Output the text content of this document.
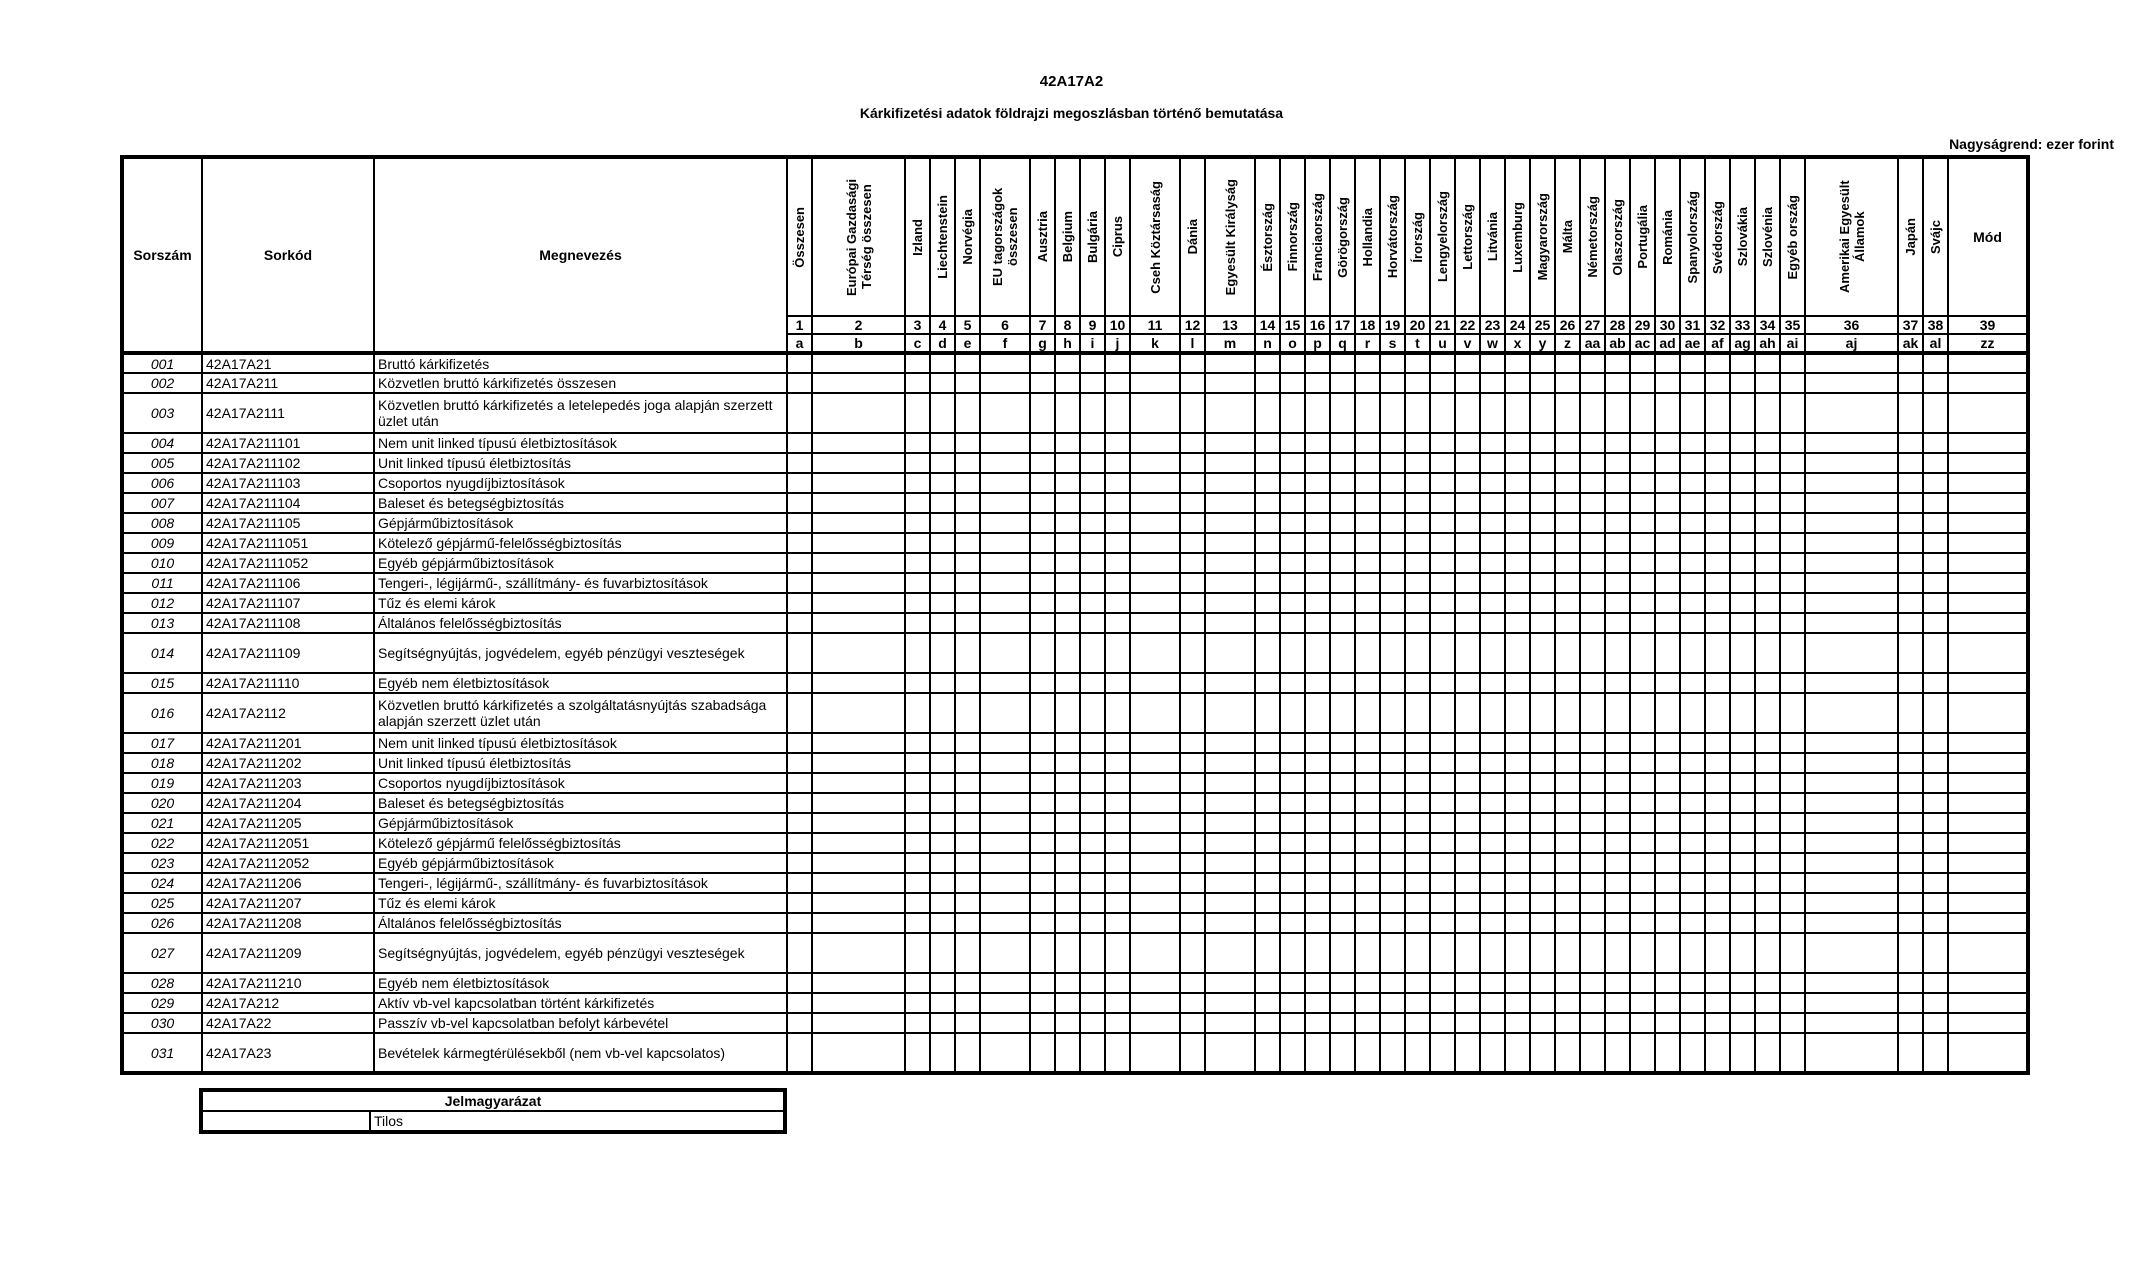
42A17A2
Kárkifizetési adatok földrajzi megoszlásban történő bemutatása
Nagyságrend: ezer forint
Sorszám	Sorkód	Megnevezés	Összesen	Európai Gazdasági Térség összesen	Izland	Liechtenstein	Norvégia	EU tagországok összesen	Ausztria	Belgium	Bulgária	Ciprus	Cseh Köztársaság	Dánia	Egyesült Királyság	Észtország	Finnország	Franciaország	Görögország	Hollandia	Horvátország	Írország	Lengyelország	Lettország	Litvánia	Luxemburg	Magyarország	Málta	Németország	Olaszország	Portugália	Románia	Spanyolország	Svédország	Szlovákia	Szlovénia	Egyéb ország	Amerikai Egyesült Államok	Japán	Svájc	Mód
			1	2	3	4	5	6	7	8	9	10	11	12	13	14	15	16	17	18	19	20	21	22	23	24	25	26	27	28	29	30	31	32	33	34	35	36	37	38	39
			a	b	c	d	e	f	g	h	i	j	k	l	m	n	o	p	q	r	s	t	u	v	w	x	y	z	aa	ab	ac	ad	ae	af	ag	ah	ai	aj	ak	al	zz
001	42A17A21	Bruttó kárkifizetés																																							
002	42A17A211	Közvetlen bruttó kárkifizetés összesen																																							
003	42A17A2111	Közvetlen bruttó kárkifizetés a letelepedés joga alapján szerzett üzlet után																																							
004	42A17A211101	Nem unit linked típusú életbiztosítások																																							
005	42A17A211102	Unit linked típusú életbiztosítás																																							
006	42A17A211103	Csoportos nyugdíjbiztosítások																																							
007	42A17A211104	Baleset és betegségbiztosítás																																							
008	42A17A211105	Gépjárműbiztosítások																																							
009	42A17A2111051	Kötelező gépjármű-felelősségbiztosítás																																							
010	42A17A2111052	Egyéb gépjárműbiztosítások																																							
011	42A17A211106	Tengeri-, légijármű-, szállítmány- és fuvarbiztosítások																																							
012	42A17A211107	Tűz és elemi károk																																							
013	42A17A211108	Általános felelősségbiztosítás																																							
014	42A17A211109	Segítségnyújtás, jogvédelem, egyéb pénzügyi veszteségek																																							
015	42A17A211110	Egyéb nem életbiztosítások																																							
016	42A17A2112	Közvetlen bruttó kárkifizetés a szolgáltatásnyújtás szabadsága alapján szerzett üzlet után																																							
017	42A17A211201	Nem unit linked típusú életbiztosítások																																							
018	42A17A211202	Unit linked típusú életbiztosítás																																							
019	42A17A211203	Csoportos nyugdíjbiztosítások																																							
020	42A17A211204	Baleset és betegségbiztosítás																																							
021	42A17A211205	Gépjárműbiztosítások																																							
022	42A17A2112051	Kötelező gépjármű felelősségbiztosítás																																							
023	42A17A2112052	Egyéb gépjárműbiztosítások																																							
024	42A17A211206	Tengeri-, légijármű-, szállítmány- és fuvarbiztosítások																																							
025	42A17A211207	Tűz és elemi károk																																							
026	42A17A211208	Általános felelősségbiztosítás																																							
027	42A17A211209	Segítségnyújtás, jogvédelem, egyéb pénzügyi veszteségek																																							
028	42A17A211210	Egyéb nem életbiztosítások																																							
029	42A17A212	Aktív vb-vel kapcsolatban történt kárkifizetés																																							
030	42A17A22	Passzív vb-vel kapcsolatban befolyt kárbevétel																																							
031	42A17A23	Bevételek kármegtérülésekből (nem vb-vel kapcsolatos)																																							
Jelmagyarázat
	Tilos
